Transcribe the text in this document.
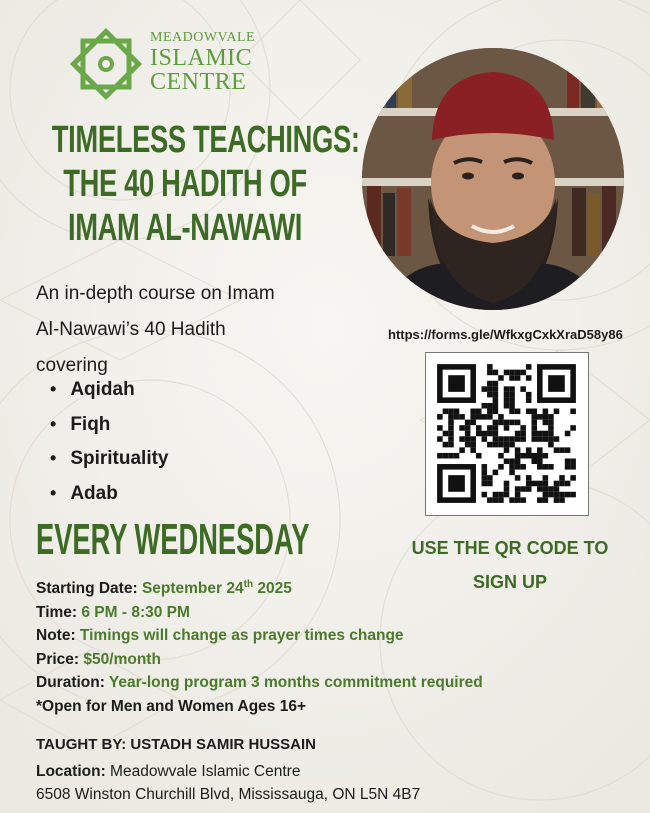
MEADOWVALE
ISLAMIC
CENTRE
TIMELESS TEACHINGS:
THE 40 HADITH OF
IMAM AL-NAWAWI
An in-depth course on Imam
Al-Nawawi’s 40 Hadith
covering
• Aqidah
• Fiqh
• Spirituality
• Adab
EVERY WEDNESDAY
Starting Date: September 24th 2025
Time: 6 PM - 8:30 PM
Note: Timings will change as prayer times change
Price: $50/month
Duration: Year-long program 3 months commitment required
*Open for Men and Women Ages 16+
TAUGHT BY: USTADH SAMIR HUSSAIN
Location: Meadowvale Islamic Centre
6508 Winston Churchill Blvd, Mississauga, ON L5N 4B7
https://forms.gle/WfkxgCxkXraD58y86
USE THE QR CODE TO
SIGN UP
